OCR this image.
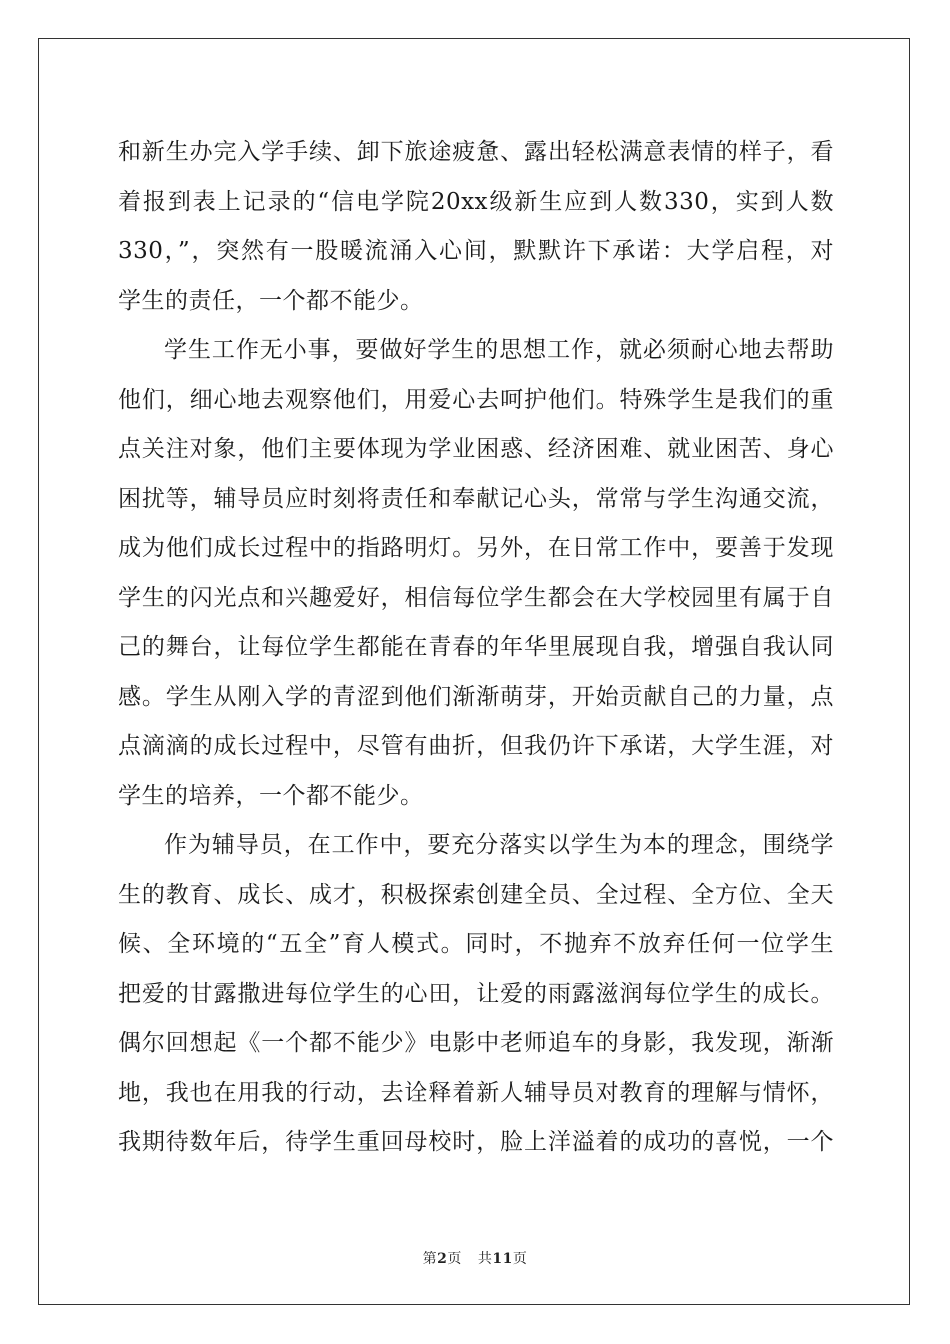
和新生办完入学手续、卸下旅途疲惫、露出轻松满意表情的样子，看
着报到表上记录的“信电学院20xx级新生应到人数330，实到人数
330，”，突然有一股暖流涌入心间，默默许下承诺：大学启程，对
学生的责任，一个都不能少。
学生工作无小事，要做好学生的思想工作，就必须耐心地去帮助
他们，细心地去观察他们，用爱心去呵护他们。特殊学生是我们的重
点关注对象，他们主要体现为学业困惑、经济困难、就业困苦、身心
困扰等，辅导员应时刻将责任和奉献记心头，常常与学生沟通交流，
成为他们成长过程中的指路明灯。另外，在日常工作中，要善于发现
学生的闪光点和兴趣爱好，相信每位学生都会在大学校园里有属于自
己的舞台，让每位学生都能在青春的年华里展现自我，增强自我认同
感。学生从刚入学的青涩到他们渐渐萌芽，开始贡献自己的力量，点
点滴滴的成长过程中，尽管有曲折，但我仍许下承诺，大学生涯，对
学生的培养，一个都不能少。
作为辅导员，在工作中，要充分落实以学生为本的理念，围绕学
生的教育、成长、成才，积极探索创建全员、全过程、全方位、全天
候、全环境的“五全”育人模式。同时，不抛弃不放弃任何一位学生
把爱的甘露撒进每位学生的心田，让爱的雨露滋润每位学生的成长。
偶尔回想起《一个都不能少》电影中老师追车的身影，我发现，渐渐
地，我也在用我的行动，去诠释着新人辅导员对教育的理解与情怀，
我期待数年后，待学生重回母校时，脸上洋溢着的成功的喜悦，一个
第2页 共11页
